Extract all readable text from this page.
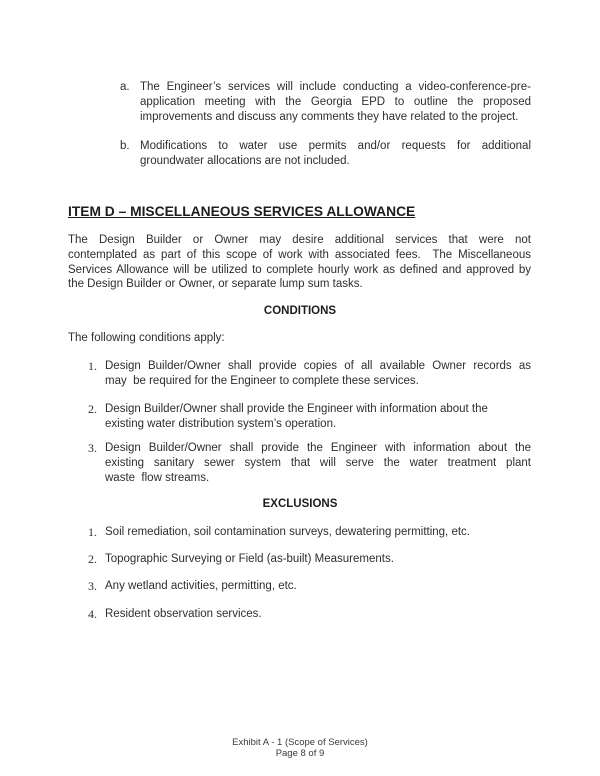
a. The Engineer’s services will include conducting a video-conference-pre-
application meeting with the Georgia EPD to outline the proposed
improvements and discuss any comments they have related to the project.
b. Modifications to water use permits and/or requests for additional
groundwater allocations are not included.
ITEM D – MISCELLANEOUS SERVICES ALLOWANCE
The Design Builder or Owner may desire additional services that were not
contemplated as part of this scope of work with associated fees.  The Miscellaneous
Services Allowance will be utilized to complete hourly work as defined and approved by
the Design Builder or Owner, or separate lump sum tasks.
CONDITIONS
The following conditions apply:
1. Design Builder/Owner shall provide copies of all available Owner records as
may  be required for the Engineer to complete these services.
2. Design Builder/Owner shall provide the Engineer with information about the
existing water distribution system’s operation.
3. Design Builder/Owner shall provide the Engineer with information about the
existing sanitary sewer system that will serve the water treatment plant
waste  flow streams.
EXCLUSIONS
1. Soil remediation, soil contamination surveys, dewatering permitting, etc.
2. Topographic Surveying or Field (as-built) Measurements.
3. Any wetland activities, permitting, etc.
4. Resident observation services.
Exhibit A - 1 (Scope of Services)
Page 8 of 9
